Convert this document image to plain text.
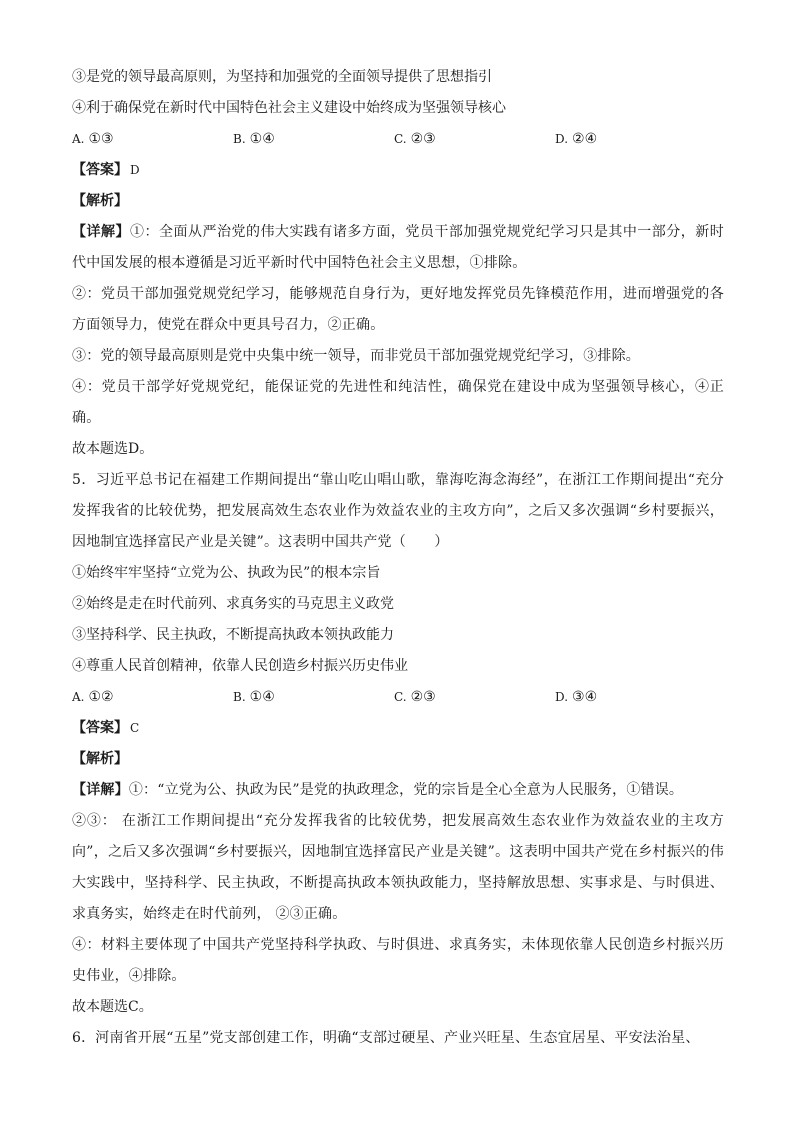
③是党的领导最高原则，为坚持和加强党的全面领导提供了思想指引
④利于确保党在新时代中国特色社会主义建设中始终成为坚强领导核心
A. ①③	B. ①④	C. ②③	D. ②④
【答案】 D
【解析】
【详解】①：全面从严治党的伟大实践有诸多方面，党员干部加强党规党纪学习只是其中一部分，新时代中国发展的根本遵循是习近平新时代中国特色社会主义思想，①排除。
②：党员干部加强党规党纪学习，能够规范自身行为，更好地发挥党员先锋模范作用，进而增强党的各方面领导力，使党在群众中更具号召力，②正确。
③：党的领导最高原则是党中央集中统一领导，而非党员干部加强党规党纪学习，③排除。
④：党员干部学好党规党纪，能保证党的先进性和纯洁性，确保党在建设中成为坚强领导核心，④正确。
故本题选D。
5．习近平总书记在福建工作期间提出“靠山吃山唱山歌，靠海吃海念海经”，在浙江工作期间提出“充分发挥我省的比较优势，把发展高效生态农业作为效益农业的主攻方向”，之后又多次强调“乡村要振兴，因地制宜选择富民产业是关键”。这表明中国共产党（　　）
①始终牢牢坚持“立党为公、执政为民”的根本宗旨
②始终是走在时代前列、求真务实的马克思主义政党
③坚持科学、民主执政，不断提高执政本领执政能力
④尊重人民首创精神，依靠人民创造乡村振兴历史伟业
A. ①②	B. ①④	C. ②③	D. ③④
【答案】 C
【解析】
【详解】①：“立党为公、执政为民”是党的执政理念，党的宗旨是全心全意为人民服务，①错误。
②③： 在浙江工作期间提出“充分发挥我省的比较优势，把发展高效生态农业作为效益农业的主攻方向”，之后又多次强调“乡村要振兴，因地制宜选择富民产业是关键”。这表明中国共产党在乡村振兴的伟大实践中，坚持科学、民主执政，不断提高执政本领执政能力，坚持解放思想、实事求是、与时俱进、求真务实，始终走在时代前列， ②③正确。
④：材料主要体现了中国共产党坚持科学执政、与时俱进、求真务实，未体现依靠人民创造乡村振兴历史伟业，④排除。
故本题选C。
6．河南省开展“五星”党支部创建工作，明确“支部过硬星、产业兴旺星、生态宜居星、平安法治星、
